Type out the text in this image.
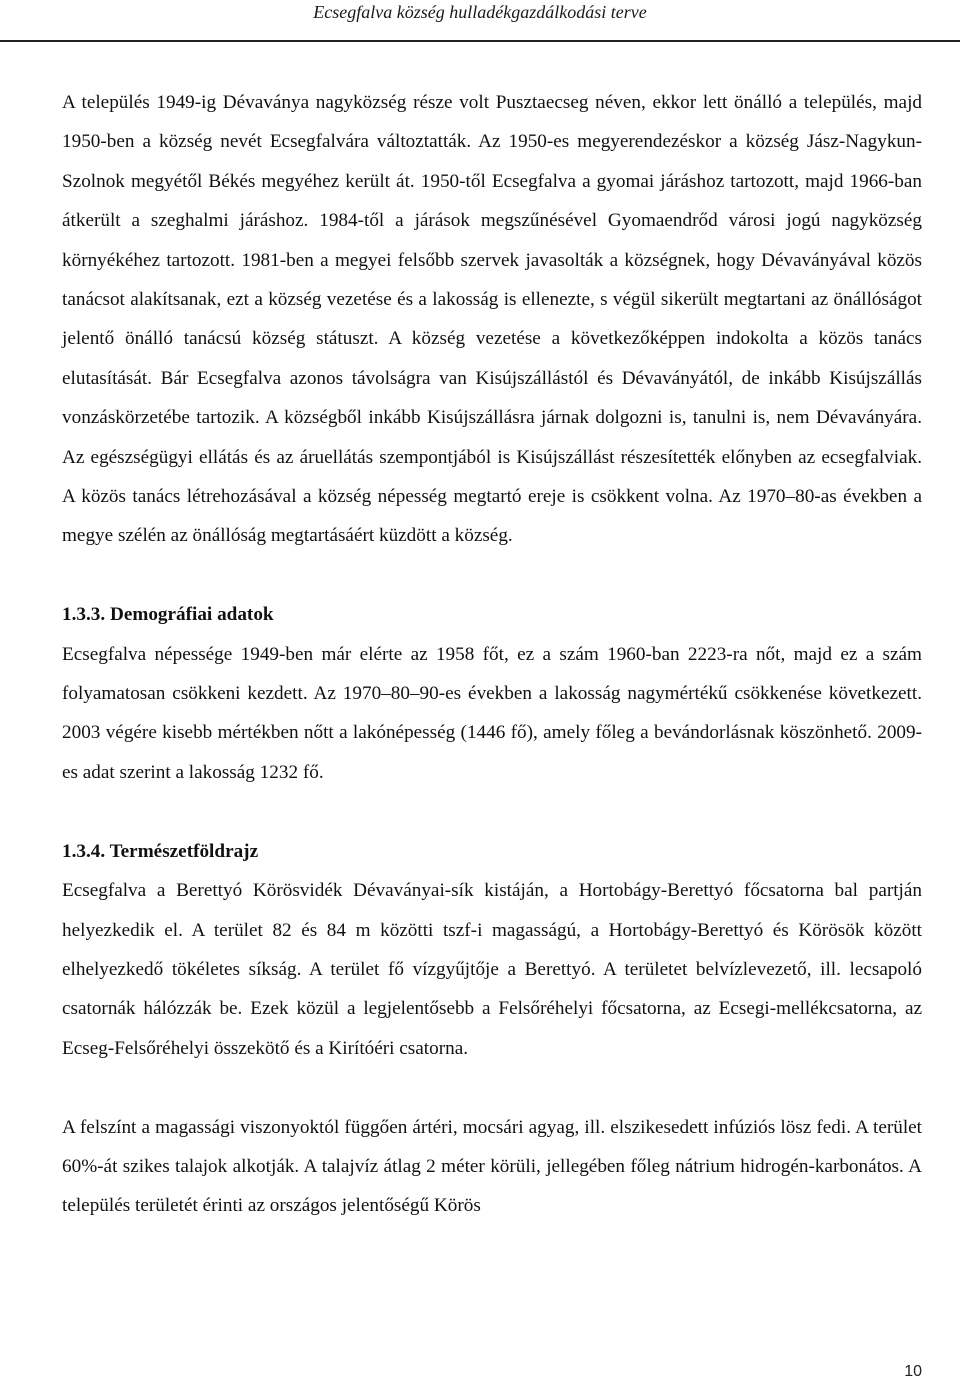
Ecsegfalva község hulladékgazdálkodási terve

A település 1949-ig Dévaványa nagyközség része volt Pusztaecseg néven, ekkor lett önálló a település, majd 1950-ben a község nevét Ecsegfalvára változtatták. Az 1950-es megyerendezéskor a község Jász-Nagykun-Szolnok megyétől Békés megyéhez került át. 1950-től Ecsegfalva a gyomai járáshoz tartozott, majd 1966-ban átkerült a szeghalmi járáshoz. 1984-től a járások megszűnésével Gyomaendrőd városi jogú nagyközség környékéhez tartozott. 1981-ben a megyei felsőbb szervek javasolták a községnek, hogy Dévaványával közös tanácsot alakítsanak, ezt a község vezetése és a lakosság is ellenezte, s végül sikerült megtartani az önállóságot jelentő önálló tanácsú község státuszt. A község vezetése a következőképpen indokolta a közös tanács elutasítását. Bár Ecsegfalva azonos távolságra van Kisújszállástól és Dévaványától, de inkább Kisújszállás vonzáskörzetébe tartozik. A községből inkább Kisújszállásra járnak dolgozni is, tanulni is, nem Dévaványára. Az egészségügyi ellátás és az áruellátás szempontjából is Kisújszállást részesítették előnyben az ecsegfalviak. A közös tanács létrehozásával a község népesség megtartó ereje is csökkent volna. Az 1970–80-as években a megye szélén az önállóság megtartásáért küzdött a község.

1.3.3. Demográfiai adatok

Ecsegfalva népessége 1949-ben már elérte az 1958 főt, ez a szám 1960-ban 2223-ra nőt, majd ez a szám folyamatosan csökkeni kezdett. Az 1970–80–90-es években a lakosság nagymértékű csökkenése következett. 2003 végére kisebb mértékben nőtt a lakónépesség (1446 fő), amely főleg a bevándorlásnak köszönhető. 2009-es adat szerint a lakosság 1232 fő.

1.3.4. Természetföldrajz

Ecsegfalva a Berettyó Körösvidék Dévaványai-sík kistáján, a Hortobágy-Berettyó főcsatorna bal partján helyezkedik el. A terület 82 és 84 m közötti tszf-i magasságú, a Hortobágy-Berettyó és Körösök között elhelyezkedő tökéletes síkság. A terület fő vízgyűjtője a Berettyó. A területet belvízlevezető, ill. lecsapoló csatornák hálózzák be. Ezek közül a legjelentősebb a Felsőréhelyi főcsatorna, az Ecsegi-mellékcsatorna, az Ecseg-Felsőréhelyi összekötő és a Kirítóéri csatorna.

A felszínt a magassági viszonyoktól függően ártéri, mocsári agyag, ill. elszikesedett infúziós lösz fedi. A terület 60%-át szikes talajok alkotják. A talajvíz átlag 2 méter körüli, jellegében főleg nátrium hidrogén-karbonátos. A település területét érinti az országos jelentőségű Körös

10
